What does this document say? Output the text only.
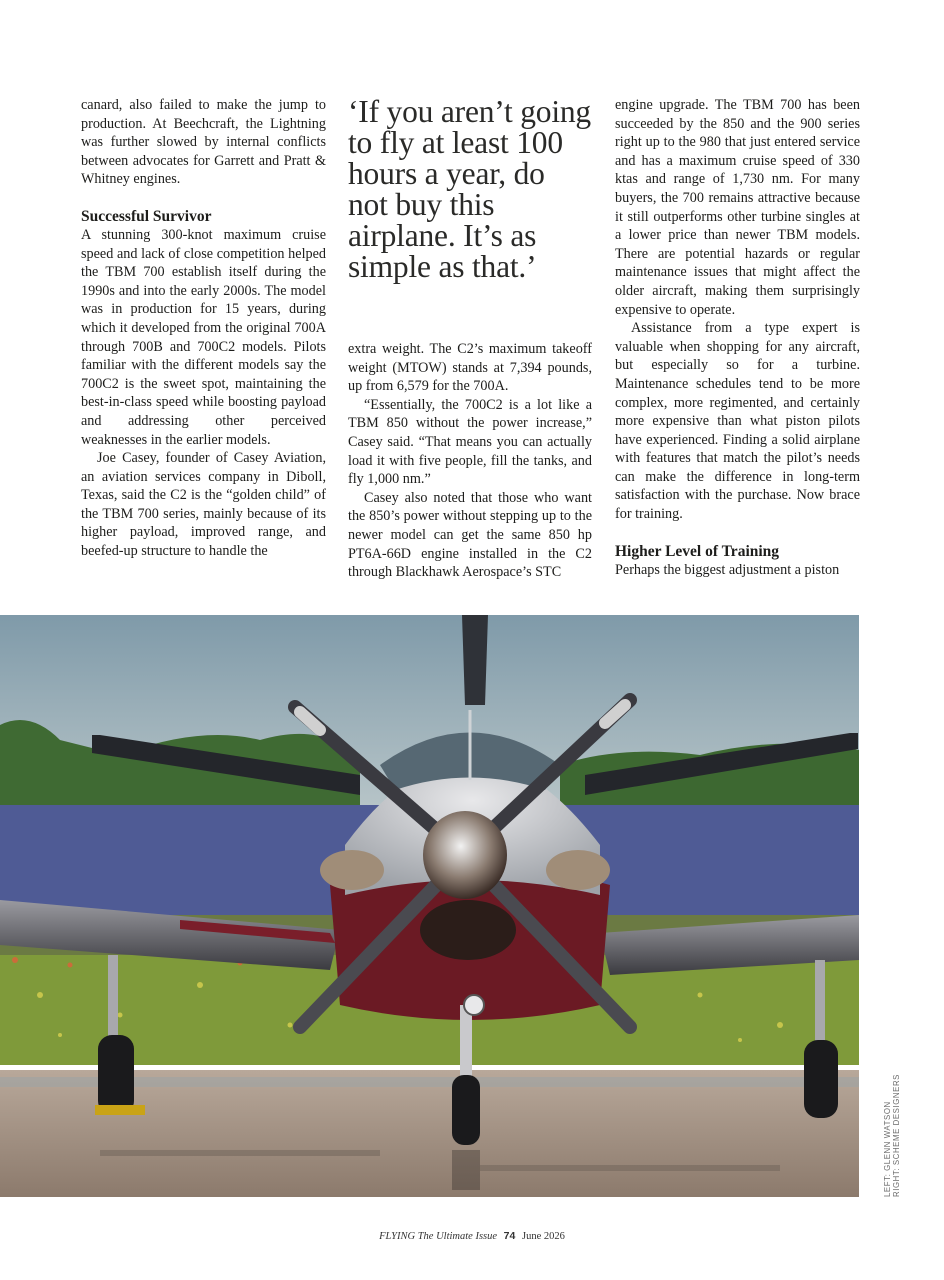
canard, also failed to make the jump to production. At Beechcraft, the Lightning was further slowed by internal conflicts between advocates for Garrett and Pratt & Whitney engines.

Successful Survivor

A stunning 300-knot maximum cruise speed and lack of close competition helped the TBM 700 establish itself during the 1990s and into the early 2000s. The model was in production for 15 years, during which it developed from the original 700A through 700B and 700C2 models. Pilots familiar with the different models say the 700C2 is the sweet spot, maintaining the best-in-class speed while boosting payload and addressing other perceived weaknesses in the earlier models.

Joe Casey, founder of Casey Aviation, an aviation services company in Diboll, Texas, said the C2 is the “golden child” of the TBM 700 series, mainly because of its higher payload, improved range, and beefed-up structure to handle the

‘If you aren’t going to fly at least 100 hours a year, do not buy this airplane. It’s as simple as that.’

extra weight. The C2’s maximum takeoff weight (MTOW) stands at 7,394 pounds, up from 6,579 for the 700A.

“Essentially, the 700C2 is a lot like a TBM 850 without the power increase,” Casey said. “That means you can actually load it with five people, fill the tanks, and fly 1,000 nm.”

Casey also noted that those who want the 850’s power without stepping up to the newer model can get the same 850 hp PT6A-66D engine installed in the C2 through Blackhawk Aerospace’s STC

engine upgrade. The TBM 700 has been succeeded by the 850 and the 900 series right up to the 980 that just entered service and has a maximum cruise speed of 330 ktas and range of 1,730 nm. For many buyers, the 700 remains attractive because it still outperforms other turbine singles at a lower price than newer TBM models. There are potential hazards or regular maintenance issues that might affect the older aircraft, making them surprisingly expensive to operate.

Assistance from a type expert is valuable when shopping for any aircraft, but especially so for a turbine. Maintenance schedules tend to be more complex, more regimented, and certainly more expensive than what piston pilots have experienced. Finding a solid airplane with features that match the pilot’s needs can make the difference in long-term satisfaction with the purchase. Now brace for training.

Higher Level of Training

Perhaps the biggest adjustment a piston

LEFT: GLENN WATSON RIGHT: SCHEME DESIGNERS
FLYING The Ultimate Issue 74 June 2026
